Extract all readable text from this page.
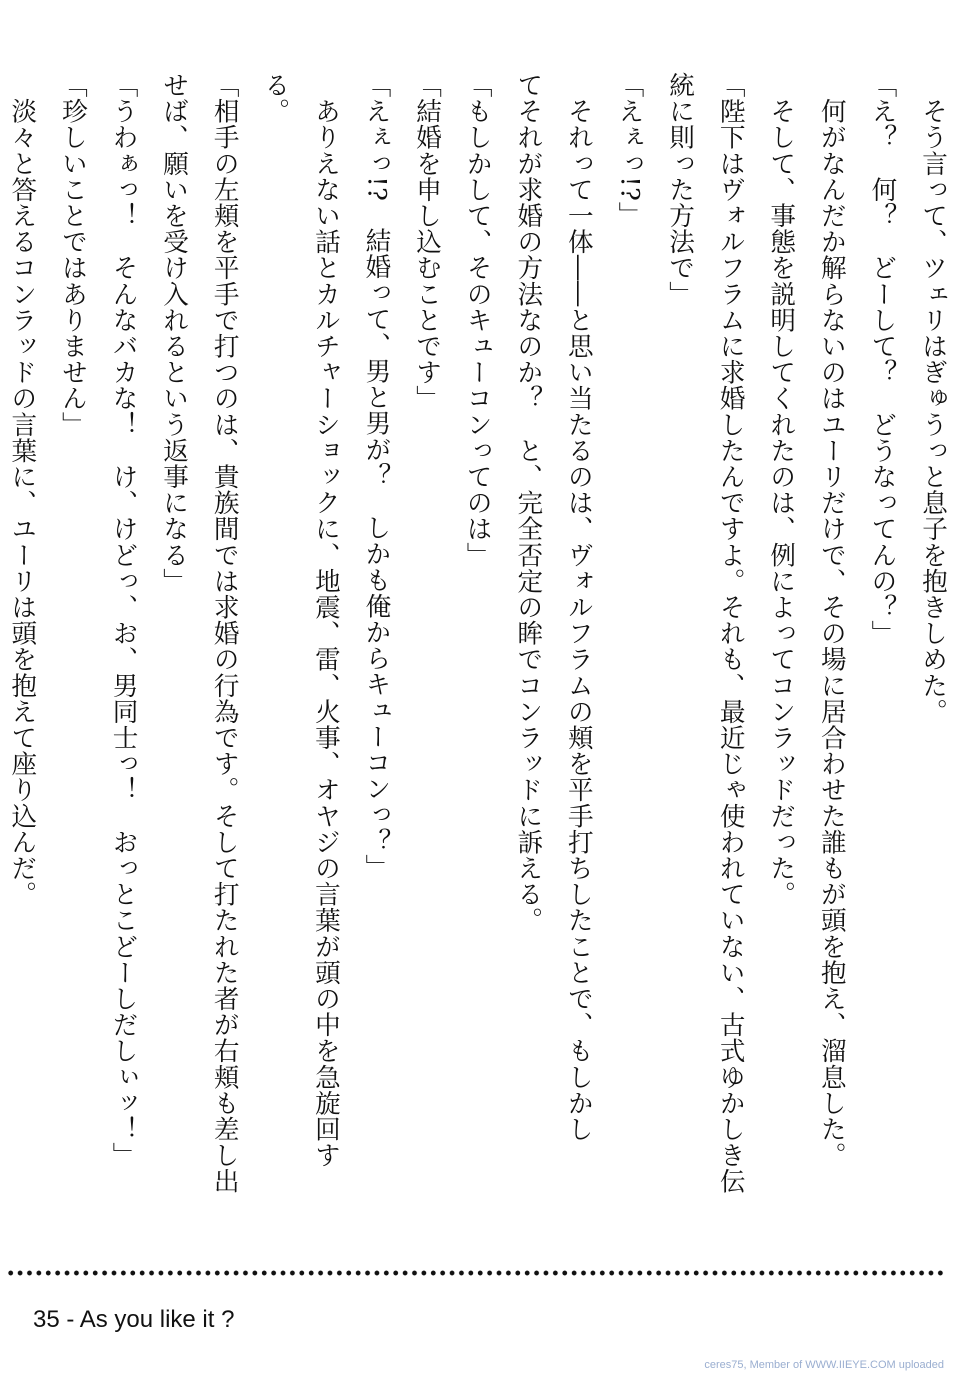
　そう言って、ツェリはぎゅうっと息子を抱きしめた。
「え？　何？　どーして？　どうなってんの？」
　何がなんだか解らないのはユーリだけで、その場に居合わせた誰もが頭を抱え、溜息した。
　そして、事態を説明してくれたのは、例によってコンラッドだった。
「陛下はヴォルフラムに求婚したんですよ。それも、最近じゃ使われていない、古式ゆかしき伝
統に則った方法で」
「えぇっ!?」
　それって一体――と思い当たるのは、ヴォルフラムの頬を平手打ちしたことで、もしかし
てそれが求婚の方法なのか？　と、完全否定の眸でコンラッドに訴える。
「もしかして、そのキューコンってのは」
「結婚を申し込むことです」
「えぇっ!?　結婚って、男と男が？　しかも俺からキューコンっ？」
　ありえない話とカルチャーショックに、地震、雷、火事、オヤジの言葉が頭の中を急旋回す
る。
「相手の左頬を平手で打つのは、貴族間では求婚の行為です。そして打たれた者が右頬も差し出
せば、願いを受け入れるという返事になる」
「うわぁっ！　そんなバカな！　け、けどっ、お、男同士っ！　おっとこどーしだしぃッ！」
「珍しいことではありません」
　淡々と答えるコンラッドの言葉に、ユーリは頭を抱えて座り込んだ。
35 - As you like it ?
ceres75, Member of WWW.IIEYE.COM uploaded
